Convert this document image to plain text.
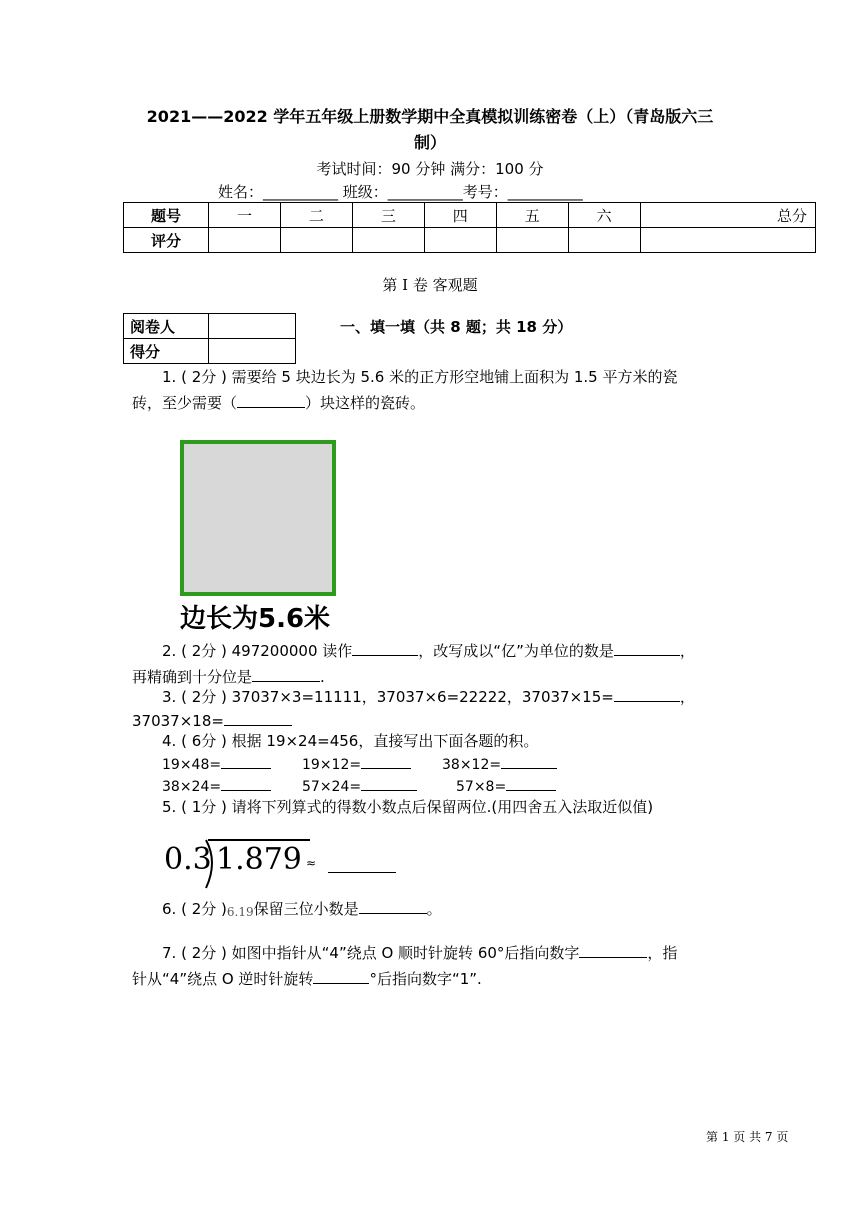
2021——2022 学年五年级上册数学期中全真模拟训练密卷（上）（青岛版六三
制）
考试时间：90 分钟 满分：100 分
姓名：__________ 班级：__________考号：__________
题号	一	二	三	四	五	六	总分
评分							
第 Ⅰ 卷 客观题
阅卷人	
得分	
一、填一填（共 8 题；共 18 分）
1. ( 2分 ) 需要给 5 块边长为 5.6 米的正方形空地铺上面积为 1.5 平方米的瓷
砖，至少需要（	）块这样的瓷砖。
边长为5.6米
2. ( 2分 ) 497200000 读作	，改写成以“亿”为单位的数是	，
再精确到十分位是	.
3. ( 2分 ) 37037×3=11111，37037×6=22222，37037×15=	，
37037×18=
4. ( 6分 ) 根据 19×24=456，直接写出下面各题的积。
19×48=	19×12=	38×12=
38×24=	57×24=	57×8=
5. ( 1分 ) 请将下列算式的得数小数点后保留两位.(用四舍五入法取近似值)
0.3 1.879 ≈
6. ( 2分 )6.19保留三位小数是	。
7. ( 2分 ) 如图中指针从“4”绕点 O 顺时针旋转 60°后指向数字	，指
针从“4”绕点 O 逆时针旋转	°后指向数字“1”.
第 1 页 共 7 页
